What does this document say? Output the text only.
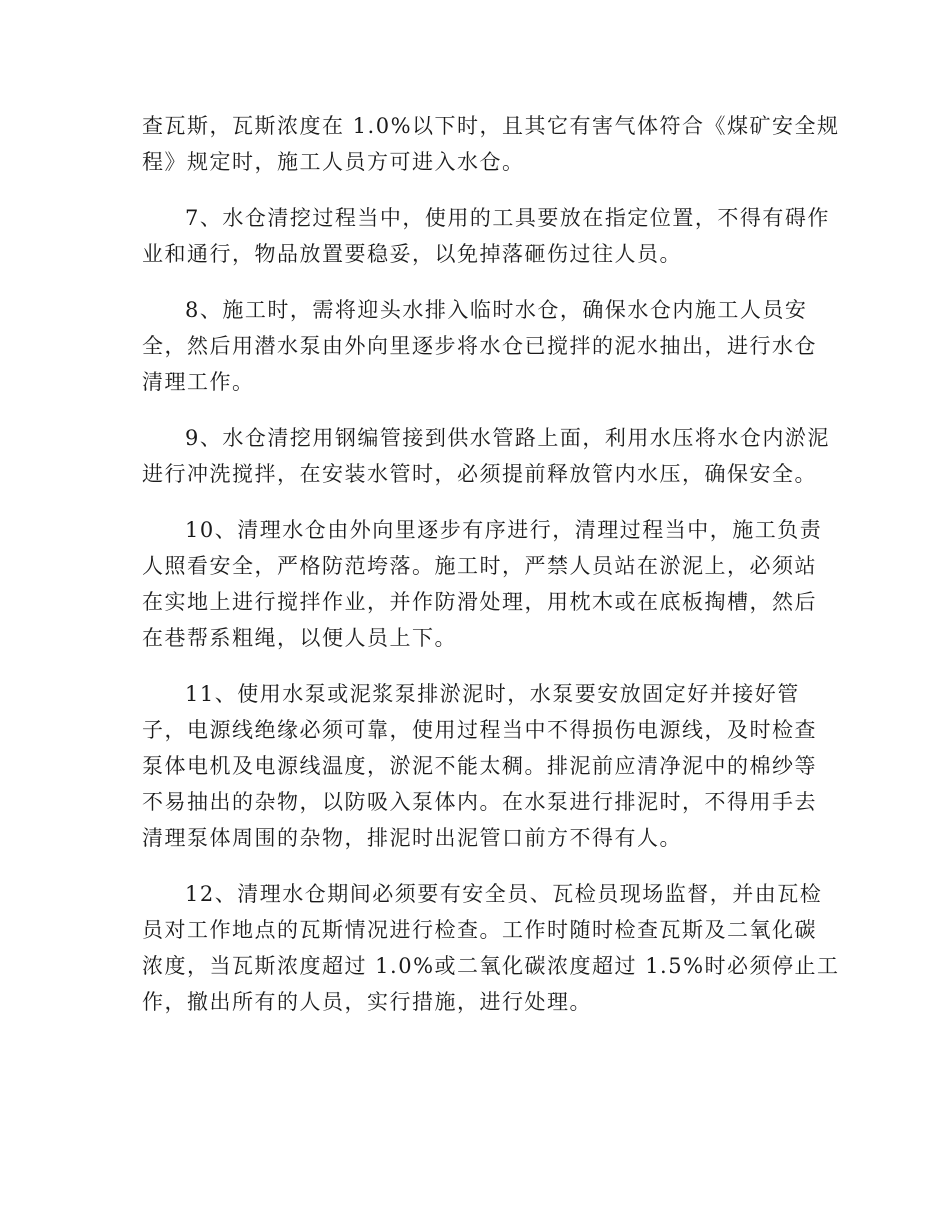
查瓦斯，瓦斯浓度在 1.0%以下时，且其它有害气体符合《煤矿安全规
程》规定时，施工人员方可进入水仓。

7、水仓清挖过程当中，使用的工具要放在指定位置，不得有碍作
业和通行，物品放置要稳妥，以免掉落砸伤过往人员。

8、施工时，需将迎头水排入临时水仓，确保水仓内施工人员安
全，然后用潜水泵由外向里逐步将水仓已搅拌的泥水抽出，进行水仓
清理工作。

9、水仓清挖用钢编管接到供水管路上面，利用水压将水仓内淤泥
进行冲洗搅拌，在安装水管时，必须提前释放管内水压，确保安全。

10、清理水仓由外向里逐步有序进行，清理过程当中，施工负责
人照看安全，严格防范垮落。施工时，严禁人员站在淤泥上，必须站
在实地上进行搅拌作业，并作防滑处理，用枕木或在底板掏槽，然后
在巷帮系粗绳，以便人员上下。

11、使用水泵或泥浆泵排淤泥时，水泵要安放固定好并接好管
子，电源线绝缘必须可靠，使用过程当中不得损伤电源线，及时检查
泵体电机及电源线温度，淤泥不能太稠。排泥前应清净泥中的棉纱等
不易抽出的杂物，以防吸入泵体内。在水泵进行排泥时，不得用手去
清理泵体周围的杂物，排泥时出泥管口前方不得有人。

12、清理水仓期间必须要有安全员、瓦检员现场监督，并由瓦检
员对工作地点的瓦斯情况进行检查。工作时随时检查瓦斯及二氧化碳
浓度，当瓦斯浓度超过 1.0%或二氧化碳浓度超过 1.5%时必须停止工
作，撤出所有的人员，实行措施，进行处理。
